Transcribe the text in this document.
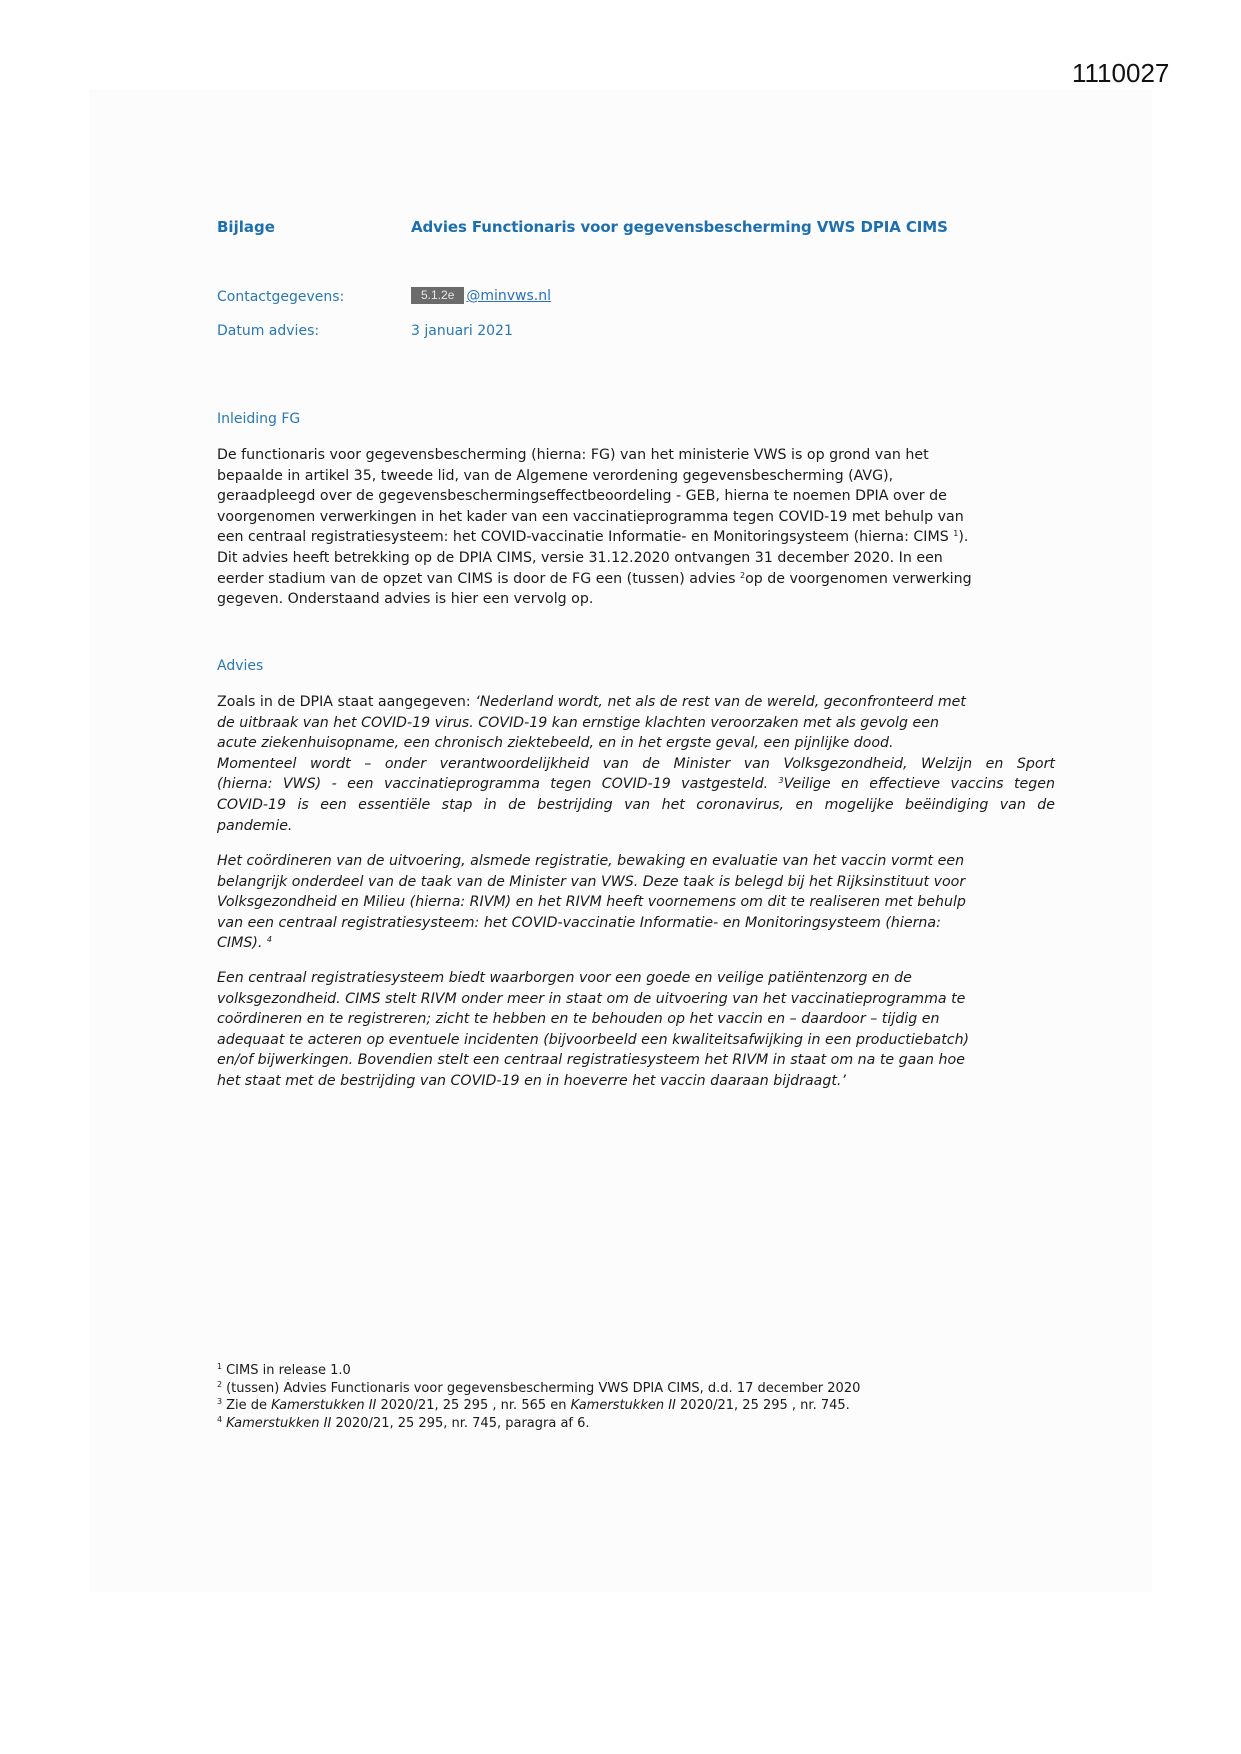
1110027
Bijlage	Advies Functionaris voor gegevensbescherming VWS DPIA CIMS
Contactgegevens:	5.1.2e @minvws.nl
Datum advies:	3 januari 2021
Inleiding FG
De functionaris voor gegevensbescherming (hierna: FG) van het ministerie VWS is op grond van het
bepaalde in artikel 35, tweede lid, van de Algemene verordening gegevensbescherming (AVG),
geraadpleegd over de gegevensbeschermingseffectbeoordeling - GEB, hierna te noemen DPIA over de
voorgenomen verwerkingen in het kader van een vaccinatieprogramma tegen COVID-19 met behulp van
een centraal registratiesysteem: het COVID-vaccinatie Informatie- en Monitoringsysteem (hierna: CIMS $^1$).
Dit advies heeft betrekking op de DPIA CIMS, versie 31.12.2020 ontvangen 31 december 2020. In een
eerder stadium van de opzet van CIMS is door de FG een (tussen) advies $^2$op de voorgenomen verwerking
gegeven. Onderstaand advies is hier een vervolg op.
Advies
Zoals in de DPIA staat aangegeven: ‘Nederland wordt, net als de rest van de wereld, geconfronteerd met
de uitbraak van het COVID-19 virus. COVID-19 kan ernstige klachten veroorzaken met als gevolg een
acute ziekenhuisopname, een chronisch ziektebeeld, en in het ergste geval, een pijnlijke dood.
Momenteel wordt – onder verantwoordelijkheid van de Minister van Volksgezondheid, Welzijn en Sport
(hierna: VWS) - een vaccinatieprogramma tegen COVID-19 vastgesteld. $^3$Veilige en effectieve vaccins tegen
COVID-19 is een essentiële stap in de bestrijding van het coronavirus, en mogelijke beëindiging van de
pandemie.
Het coördineren van de uitvoering, alsmede registratie, bewaking en evaluatie van het vaccin vormt een
belangrijk onderdeel van de taak van de Minister van VWS. Deze taak is belegd bij het Rijksinstituut voor
Volksgezondheid en Milieu (hierna: RIVM) en het RIVM heeft voornemens om dit te realiseren met behulp
van een centraal registratiesysteem: het COVID-vaccinatie Informatie- en Monitoringsysteem (hierna:
CIMS). $^4$
Een centraal registratiesysteem biedt waarborgen voor een goede en veilige patiëntenzorg en de
volksgezondheid. CIMS stelt RIVM onder meer in staat om de uitvoering van het vaccinatieprogramma te
coördineren en te registreren; zicht te hebben en te behouden op het vaccin en – daardoor – tijdig en
adequaat te acteren op eventuele incidenten (bijvoorbeeld een kwaliteitsafwijking in een productiebatch)
en/of bijwerkingen. Bovendien stelt een centraal registratiesysteem het RIVM in staat om na te gaan hoe
het staat met de bestrijding van COVID-19 en in hoeverre het vaccin daaraan bijdraagt.’
$^1$ CIMS in release 1.0
$^2$ (tussen) Advies Functionaris voor gegevensbescherming VWS DPIA CIMS, d.d. 17 december 2020
$^3$ Zie de Kamerstukken II 2020/21, 25 295 , nr. 565 en Kamerstukken II 2020/21, 25 295 , nr. 745.
$^4$ Kamerstukken II 2020/21, 25 295, nr. 745, paragra af 6.
